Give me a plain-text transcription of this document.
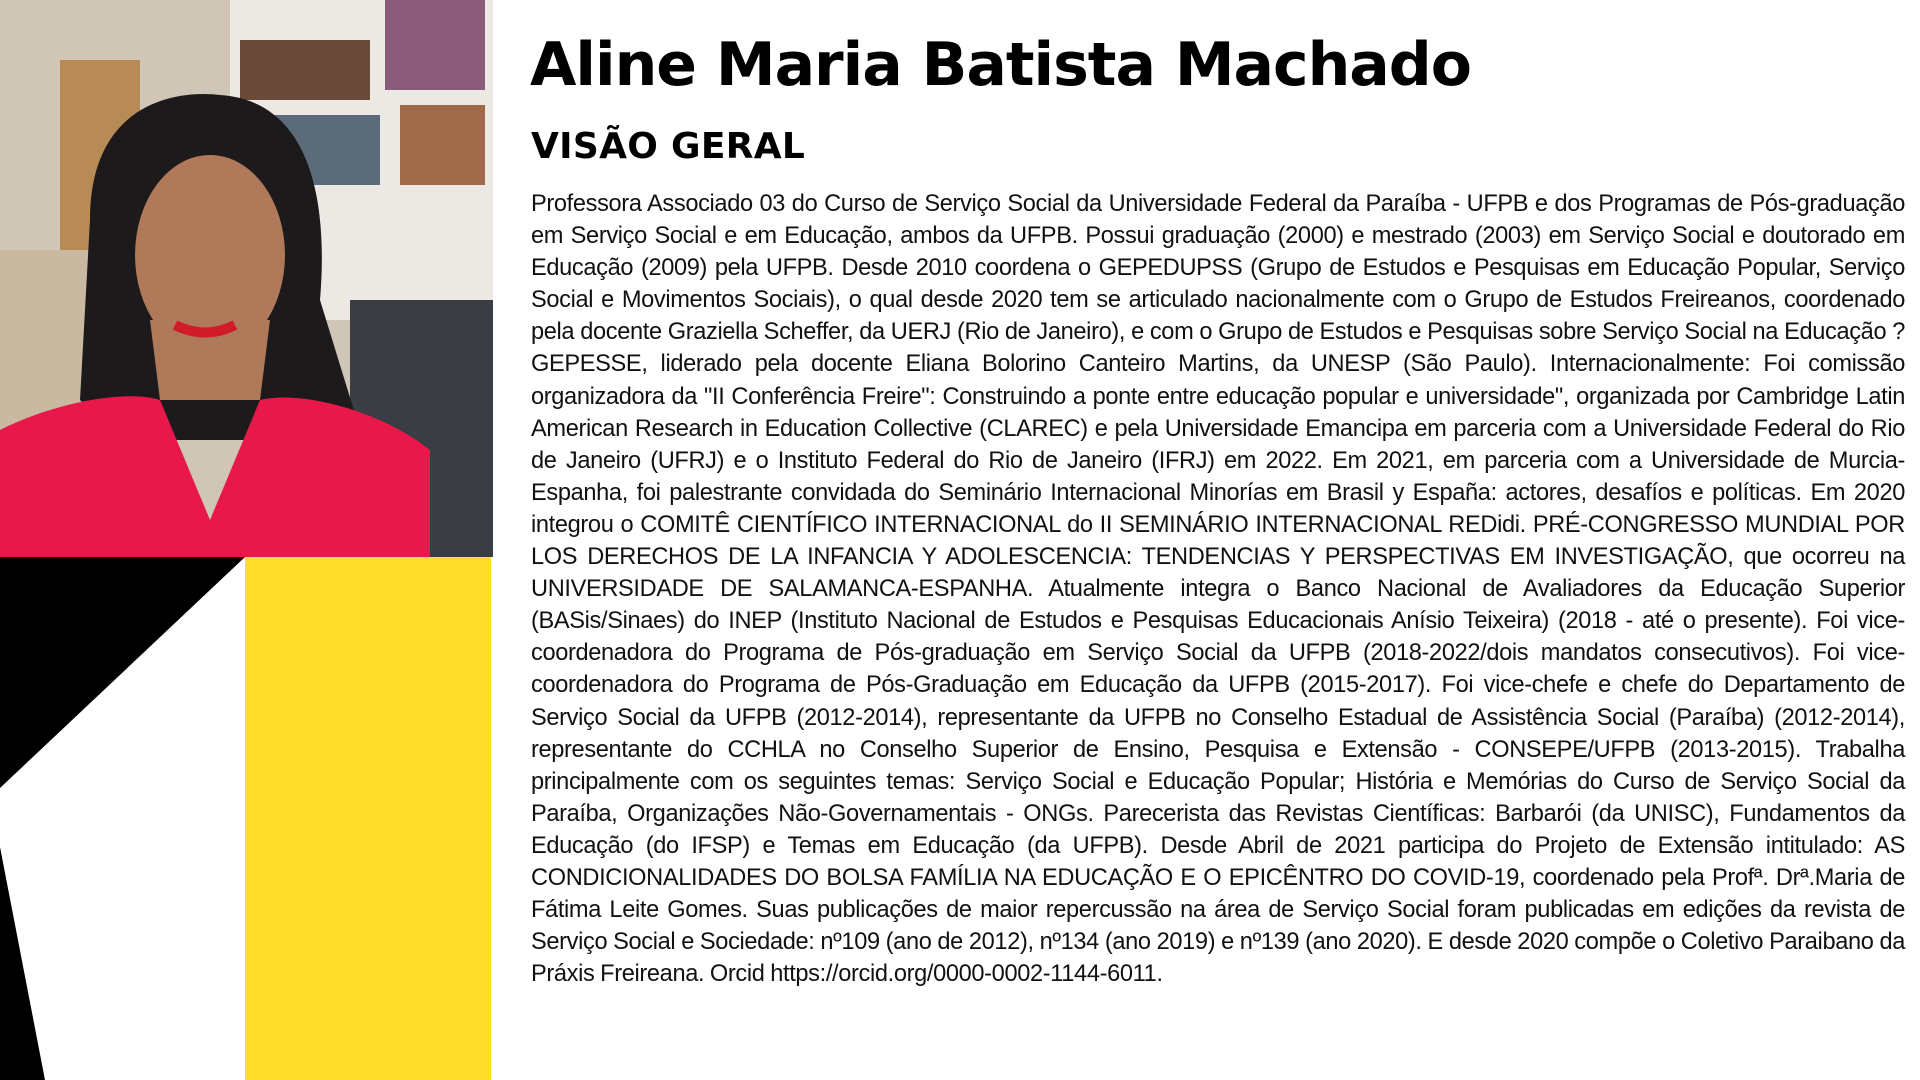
Aline Maria Batista Machado
VISÃO GERAL

Professora Associado 03 do Curso de Serviço Social da Universidade Federal da Paraíba - UFPB e dos Programas de Pós-graduação em Serviço Social e em Educação, ambos da UFPB. Possui graduação (2000) e mestrado (2003) em Serviço Social e doutorado em Educação (2009) pela UFPB. Desde 2010 coordena o GEPEDUPSS (Grupo de Estudos e Pesquisas em Educação Popular, Serviço Social e Movimentos Sociais), o qual desde 2020 tem se articulado nacionalmente com o Grupo de Estudos Freireanos, coordenado pela docente Graziella Scheffer, da UERJ (Rio de Janeiro), e com o Grupo de Estudos e Pesquisas sobre Serviço Social na Educação ? GEPESSE, liderado pela docente Eliana Bolorino Canteiro Martins, da UNESP (São Paulo). Internacionalmente: Foi comissão organizadora da "II Conferência Freire": Construindo a ponte entre educação popular e universidade", organizada por Cambridge Latin American Research in Education Collective (CLAREC) e pela Universidade Emancipa em parceria com a Universidade Federal do Rio de Janeiro (UFRJ) e o Instituto Federal do Rio de Janeiro (IFRJ) em 2022. Em 2021, em parceria com a Universidade de Murcia-Espanha, foi palestrante convidada do Seminário Internacional Minorías em Brasil y España: actores, desafíos e políticas. Em 2020 integrou o COMITÊ CIENTÍFICO INTERNACIONAL do II SEMINÁRIO INTERNACIONAL REDidi. PRÉ-CONGRESSO MUNDIAL POR LOS DERECHOS DE LA INFANCIA Y ADOLESCENCIA: TENDENCIAS Y PERSPECTIVAS EM INVESTIGAÇÃO, que ocorreu na UNIVERSIDADE DE SALAMANCA-ESPANHA. Atualmente integra o Banco Nacional de Avaliadores da Educação Superior (BASis/Sinaes) do INEP (Instituto Nacional de Estudos e Pesquisas Educacionais Anísio Teixeira) (2018 - até o presente). Foi vice-coordenadora do Programa de Pós-graduação em Serviço Social da UFPB (2018-2022/dois mandatos consecutivos). Foi vice-coordenadora do Programa de Pós-Graduação em Educação da UFPB (2015-2017). Foi vice-chefe e chefe do Departamento de Serviço Social da UFPB (2012-2014), representante da UFPB no Conselho Estadual de Assistência Social (Paraíba) (2012-2014), representante do CCHLA no Conselho Superior de Ensino, Pesquisa e Extensão - CONSEPE/UFPB (2013-2015). Trabalha principalmente com os seguintes temas: Serviço Social e Educação Popular; História e Memórias do Curso de Serviço Social da Paraíba, Organizações Não-Governamentais - ONGs. Parecerista das Revistas Científicas: Barbarói (da UNISC), Fundamentos da Educação (do IFSP) e Temas em Educação (da UFPB). Desde Abril de 2021 participa do Projeto de Extensão intitulado: AS CONDICIONALIDADES DO BOLSA FAMÍLIA NA EDUCAÇÃO E O EPICÊNTRO DO COVID-19, coordenado pela Profª. Drª.Maria de Fátima Leite Gomes. Suas publicações de maior repercussão na área de Serviço Social foram publicadas em edições da revista de Serviço Social e Sociedade: nº109 (ano de 2012), nº134 (ano 2019) e nº139 (ano 2020). E desde 2020 compõe o Coletivo Paraibano da Práxis Freireana. Orcid https://orcid.org/0000-0002-1144-6011.
